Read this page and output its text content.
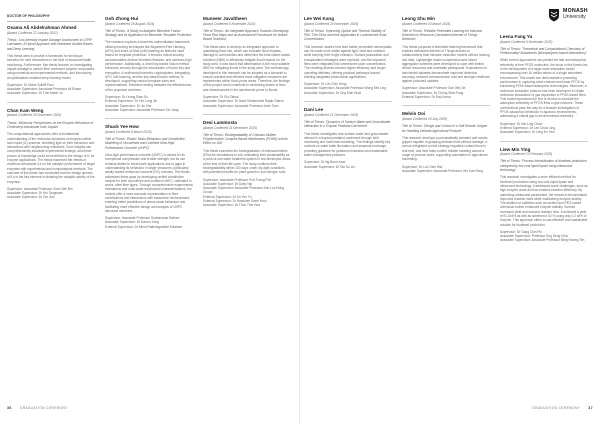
DOCTOR OF PHILOSOPHY
Osama Ali Abdelrahman Ahmed
(Award Conferred 22 January 2021)
Thesis: 'Low-Intensity Impact Damage Assessment in CFRP Laminates: A Hybrid Approach with Nonlinear Guided Waves and Deep Learning'
This thesis aims to provide a framework for technique selection for new researchers in the field of structural health monitoring. Furthermore, this thesis focuses on investigating impact damage in carbon fibre reinforced polymer composites using numerical and experimental methods, and introducing an optimisation enabled deep learning model.
Supervisor: Dr Mohd Zulkifli Paul
Associate Supervisor: Associate Professor Ali Elnasr
Associate Supervisor: Dr Tran Manh Vu
Chan Kam Weng
(Award Conferred 20 November 2020)
Thesis: 'Molecular Perspectives on the Enzymic Behaviour of Cholesteryl-Arbutoside Ionic Liquids'
The computational approaches offer a fundamental understanding of the molecular dynamics of enzymes within ionic liquid (IL) systems, shedding light on their behaviour and interactions with neighbouring molecules. Such insights can comprehensively elucidate experimental findings, and these proven of knowledge could be beneficial to the design of IL for enzyme applications. The thesis examined the effects of cholinium arbutoside ILs on the catalytic performance of target enzymes with experimental and computational methods. The outcome of this thesis has concluded that the design species of ILs is the key element in dictating the catalytic activity of the enzymes.
Supervisor: Associate Professor Chen Wei Bin
Associate Supervisor: Dr Hui Tangwuen
Associate Supervisor: Dr Tan Julo
Goh Zhong Hui
(Award Conferred 28 August 2024)
Title of Thesis: 'A Study on Adaptive Biometric Fusion Strategy and its Application on Biometric Template Protection'
The research explores a biometric authentication framework utilising learning techniques like Alignment-Free Hashing (AFH) and Index-of-Max (IoM) hashing as features used based for template protection. It ensures robust security, accommodates diverse biometric features, and achieves high performance. Additionally, a novel key-based fusion method enhances security through the introduction of fusion key and encryption. A multimodal biometric cryptosystem, integrating AFH, IoM hashing, and the key-based fusion method, is developed, supporting various template sizes and representations. Extensive testing validates the effectiveness of the proposed schemes.
Supervisor: Dr Leung Siaw Su
External Supervisor: Dr Yim Long Jie
Associate Supervisor: Dr Jin Zhe
Associate Supervisor: Associate Professor Xin Yang
Shuck Yee How
(Award Conferred 8 March 2025)
Title of Thesis: 'Elastic Strain Behaviour and Constitutive Modelling of Unconfined and Confined Ultra-High Performance Concrete (UHPC)'
Ultra-high performance concrete (UHPC) is valued for its exceptional compression and tensile strength, but its use remains limited to small scale applications due to gaps in understanding its behaviour in larger structures, particularly axially loaded reinforced concrete (RC) columns. This thesis addresses these gaps by developing unified constitutive models for both unconfined and confined UHPC, calibrated in works, steel fibre types. Through comprehensive experimental evaluations and multi-scale mechanical characterisations, the models offer a more accurate representation of fibre contributions and interactions with transverse reinforcement, enabling better predictions of stress-strain behaviour and facilitating more effective design and analysis of UHPC structural members.
Supervisor: Associate Professor Sudharshan Rathee
Associate Supervisor: Dr Darren Kong
External Supervisor: Dr Minot Rattchegradimi Eslaham
Muneeer Javaltheen
(Award Conferred 9 November 2024)
Title of Thesis: 'An Integrated Approach Towards Developing Flood Risk Maps and an Assessment Framework for Nature-Based Solutions'
This thesis aims to develop an integrated approach to quantifying flood risk, which can evaluate flood impacts, damage to communities and determine the best nature-based solutions (NBS) to effectively mitigate flood impacts for the study area. It was found that afforestation is the most suitable NBS for mitigating floods in the study area. The methodology developed in this research can be adopted as a blueprint to ensure practical and effective flood mitigation measures are implemented within flood-prone areas. Therefore, the findings of this project could contribute to minimising losses of lives and infrastructures in the catchments prone to floods.
Supervisor: Dr Ein Zainal
Associate Supervisor: Dr Nasir Mohammed Rajab Garish
Associate Supervisor: Associate Professor Amin Tiam
Desi Lammosta
(Award Conferred 11 December 2025)
Title of Thesis: 'Biodegradability of Chitosan-Mullein Polyelectrolyte Complex-Based Membranes (PCMN) and Its Effect on Soil'
This thesis examines the biodegradation of chitosan/mullein (PEaLKe membranes in soil, evaluating their sustainability as a point-of-use water treatment system in low-developed areas at the end of their life cycle. The study confirms their biodegradability within 100 days under dry-light conditions, with potential benefits for plant growth in low-nitrogen soils.
Supervisor: Associate Professor Poh Foong Poh
Associate Supervisor: Dr Dally Yap
Associate Supervisor: Associate Professor Ann Loo Hung Chuan
External Supervisor: Dr Ku Yen Yu
External Supervisor: Dr Hwachee Swee Hooi
Associate Supervisor: Dr Thon Thio Hoa
36	GRADUATION CEREMONY
Lee Wei Kang
(Award Conferred 20 November 2025)
Title of Thesis: 'Improving Optical and Thermal Stability of PNC Thin Films and their Application in Luminescent Solar Concentrators'
This research studies how lead halide perovskite nanocrystals can be made more stable against light, heat and moisture while keeping their bright emission. Surface passivation and encapsulation strategies were explored, and the improved films were integrated into luminescent solar concentrators. The resulting devices showed higher efficiency and longer operating lifetimes, offering practical pathways toward building-integrated photovoltaic applications.
Supervisor: Dr Lim Chin Hong
Associate Supervisor: Associate Professor Wong Mei Ling
Associate Supervisor: Dr Ong Kian Huat
Dani Lee
(Award Conferred 21 December 2025)
Title of Thesis: 'Dynamics of Surface Water and Groundwater Interaction in a Tropical Peatland Catchment'
This thesis investigates how surface water and groundwater interact in a tropical peatland catchment through field monitoring and numerical modelling. The findings identify key controls on water table fluctuation and seasonal exchange, providing guidance for peatland restoration and sustainable water management practices.
Supervisor: Dr Ng Boon Keat
Associate Supervisor: Dr Tan Su Lin
Leong Shu Min
(Award Conferred 10 March 2025)
Title of Thesis: 'Reliable Federated Learning for Intrusion Detection in Resource-Constrained Internet of Things Networks'
This thesis proposes a federated learning framework that enables distributed Internet of Things devices to collaboratively train intrusion detection models without sharing raw data. Lightweight model compression and robust aggregation schemes were developed to cope with limited device resources and unreliable participants. Evaluations on benchmark datasets demonstrate improved detection accuracy, reduced communication cost and stronger resilience against poisoned updates.
Supervisor: Associate Professor Goh Wei Jie
Associate Supervisor: Dr Chong Siew Fang
External Supervisor: Dr Raj Kumar
Melvin Ooi
(Award Conferred 15 July 2025)
Title of Thesis: 'Design and Control of a Soft Robotic Gripper for Handling Delicate Agricultural Produce'
This research develops a pneumatically actuated soft robotic gripper capable of grasping delicate fruits without damage. A sensor-integrated control strategy regulates contact force in real time, and field trials confirm reliable handling across a range of produce sizes, supporting automation in agricultural harvesting.
Supervisor: Dr Lai Chee Wai
Associate Supervisor: Associate Professor Yeo Kah Seng
Leena Fang Yu
(Award Conferred 9 November 2025)
Title of Thesis: 'Theoretical and Computational Chemistry of Perfluoroalkyl Substances (Monopolymer-based Adsorbents)'
While current approaches can predict the fate and adsorption selectivity of free PFOS molecules, the focus in this thesis lies in the development of a large-scale simulation model encompassing over 16 million atoms of a single adsorbent environment. This model can demonstrate a promising performance in capturing short-chained and linear PFOS by enhancing PFAS-based adsorption technologies. Moreover, a molecular simulation protocol has been developed to obtain molecular simulations of gas separation in PFAS-based films. This model represents the first of its kind to simulate the adsorption selectivity of PFOS films in gas mixtures. These contributions pave the way for a broader investigation of PFOS adsorption behaviour in aqueous environments, addressing a critical gap in environmental chemistry.
Supervisor: Dr Min Ling Chew
External Supervisor: Dr Lee Chow Ling
Associate Supervisor: Dr Leng En Yew
Liew Min Ying
(Award Conferred 13 February 2025)
Title of Thesis: 'Process intensification of biodiesel production catalyzed by low-cost liquid lipase using ultrasound technology'
This research investigates a more efficient method for biodiesel production using low-cost liquid lipase and ultrasound technology. It addresses some challenges, such as high enzyme costs and low reaction reaction efficiency. By optimising ultrasound parameters, the research demonstrated improved reaction rates while maintaining enzyme activity. The addition of additives such as sorbitol and PEG-based chemicals further enhanced enzyme stability. Sorbitol increased yield and reduced reaction time. It achieved a yield of 91.3±4% as well as achieved a 52 % using only 0.2 wt% of enzyme. This approach offers a cost-effective and sustainable solution for biodiesel production.
Supervisor: Dr Gang Chin Pin
Associate Supervisor: Professor Eng Seng Chia
Associate Supervisor: Associate Professor Ming Hwang Teh
MONASH
University
GRADUATION CEREMONY 37
